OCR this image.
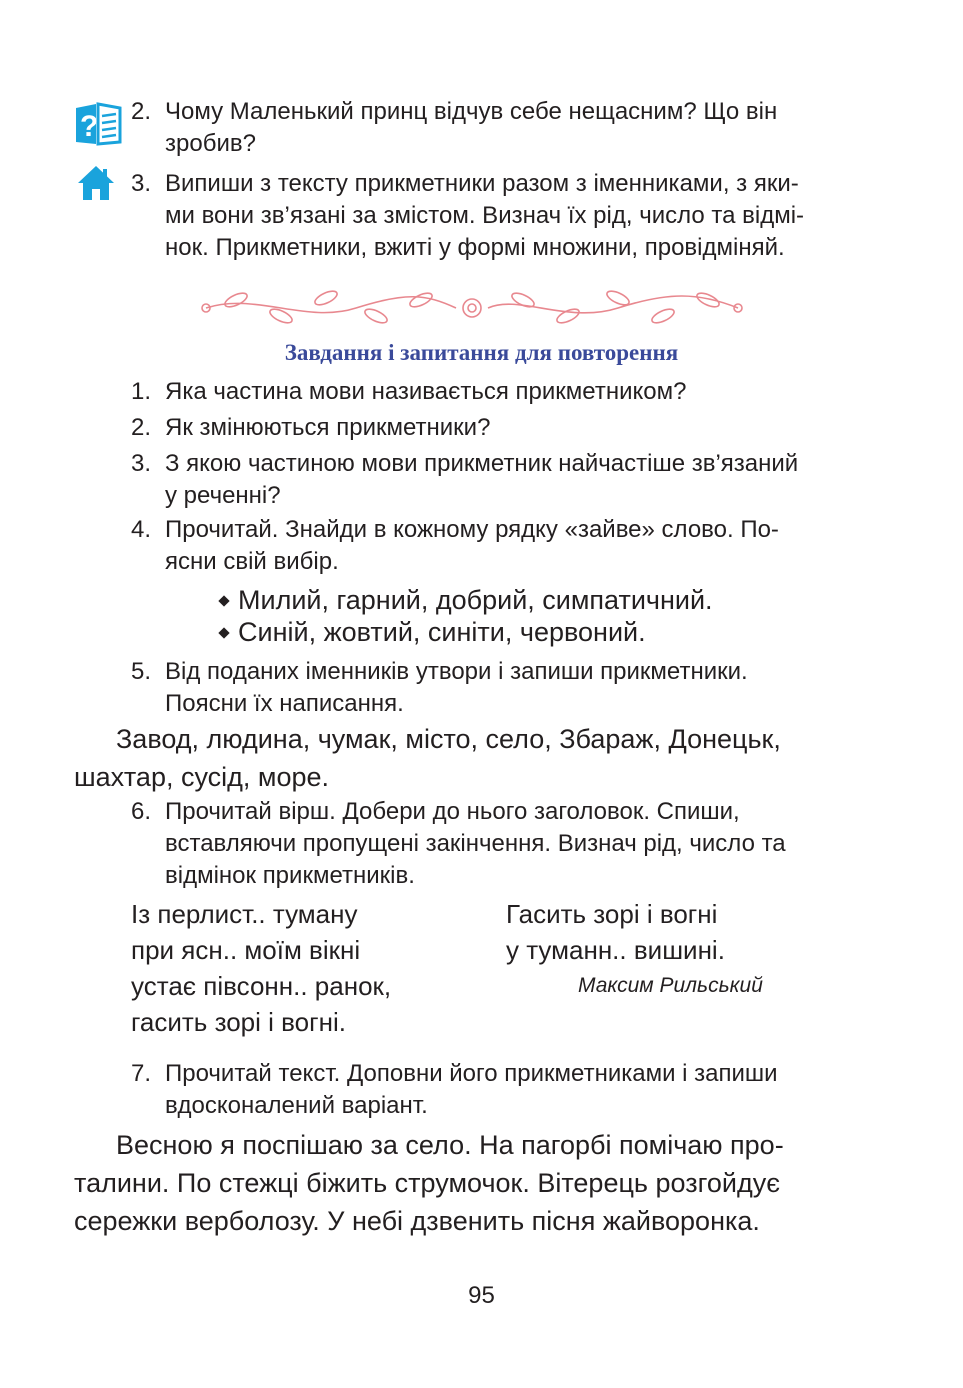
? 2. Чому Маленький принц відчув себе нещасним? Що він
зробив?
3. Випиши з тексту прикметники разом з іменниками, з яки-
ми вони зв’язані за змістом. Визнач їх рід, число та відмі-
нок. Прикметники, вжиті у формі множини, провідміняй.
Завдання і запитання для повторення
1. Яка частина мови називається прикметником?
2. Як змінюються прикметники?
3. З якою частиною мови прикметник найчастіше зв’язаний
у реченні?
4. Прочитай. Знайди в кожному рядку «зайве» слово. По-
ясни свій вибір.
Милий, гарний, добрий, симпатичний.
Синій, жовтий, синіти, червоний.
5. Від поданих іменників утвори і запиши прикметники.
Поясни їх написання.
Завод, людина, чумак, місто, село, Збараж, Донецьк,
шахтар, сусід, море.
6. Прочитай вірш. Добери до нього заголовок. Спиши,
вставляючи пропущені закінчення. Визнач рід, число та
відмінок прикметників.
Із перлист.. туману
при ясн.. моїм вікні
устає півсонн.. ранок,
гасить зорі і вогні.
Гасить зорі і вогні
у туманн.. вишині.
Максим Рильський
7. Прочитай текст. Доповни його прикметниками і запиши
вдосконалений варіант.
Весною я поспішаю за село. На пагорбі помічаю про-
талини. По стежці біжить струмочок. Вітерець розгойдує
сережки верболозу. У небі дзвенить пісня жайворонка.
95
